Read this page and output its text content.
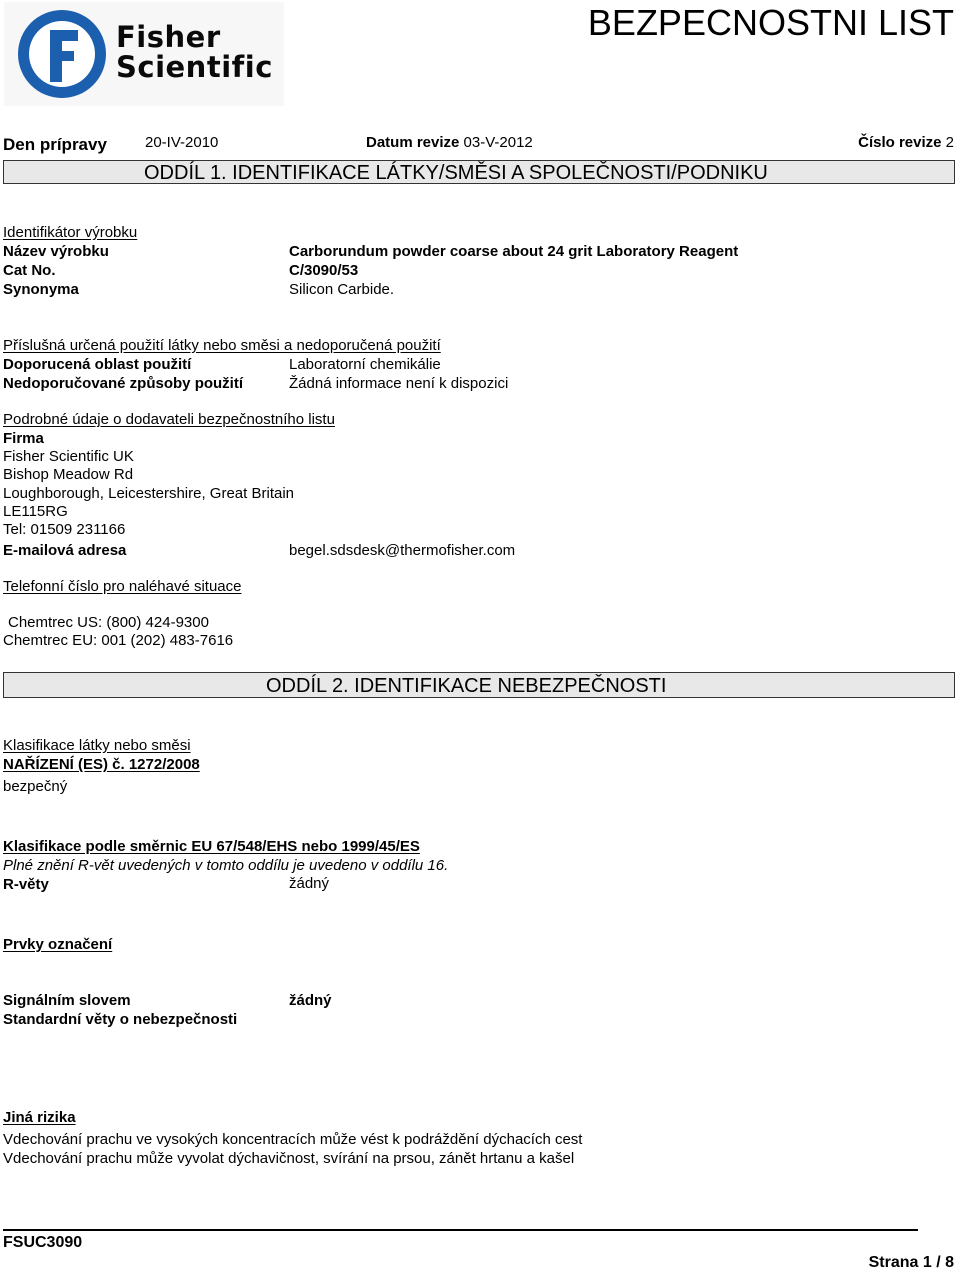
Fisher
Scientific
BEZPECNOSTNI LIST
Den prípravy	20-IV-2010	Datum revize 03-V-2012	Číslo revize 2
ODDÍL 1. IDENTIFIKACE LÁTKY/SMĚSI A SPOLEČNOSTI/PODNIKU
Identifikátor výrobku
Název výrobku	Carborundum powder coarse about 24 grit Laboratory Reagent
Cat No.	C/3090/53
Synonyma	Silicon Carbide.
Příslušná určená použití látky nebo směsi a nedoporučená použití
Doporucená oblast použití	Laboratorní chemikálie
Nedoporučované způsoby použití	Žádná informace není k dispozici
Podrobné údaje o dodavateli bezpečnostního listu
Firma
Fisher Scientific UK
Bishop Meadow Rd
Loughborough, Leicestershire, Great Britain
LE115RG
Tel: 01509 231166
E-mailová adresa	begel.sdsdesk@thermofisher.com
Telefonní číslo pro naléhavé situace
Chemtrec US: (800) 424-9300
Chemtrec EU: 001 (202) 483-7616
ODDÍL 2. IDENTIFIKACE NEBEZPEČNOSTI
Klasifikace látky nebo směsi
NAŘÍZENÍ (ES) č. 1272/2008
bezpečný
Klasifikace podle směrnic EU 67/548/EHS nebo 1999/45/ES
Plné znění R-vět uvedených v tomto oddílu je uvedeno v oddílu 16.
R-věty	žádný
Prvky označení
Signálním slovem	žádný
Standardní věty o nebezpečnosti
Jiná rizika
Vdechování prachu ve vysokých koncentracích může vést k podráždění dýchacích cest
Vdechování prachu může vyvolat dýchavičnost, svírání na prsou, zánět hrtanu a kašel
FSUC3090
Strana 1 / 8
